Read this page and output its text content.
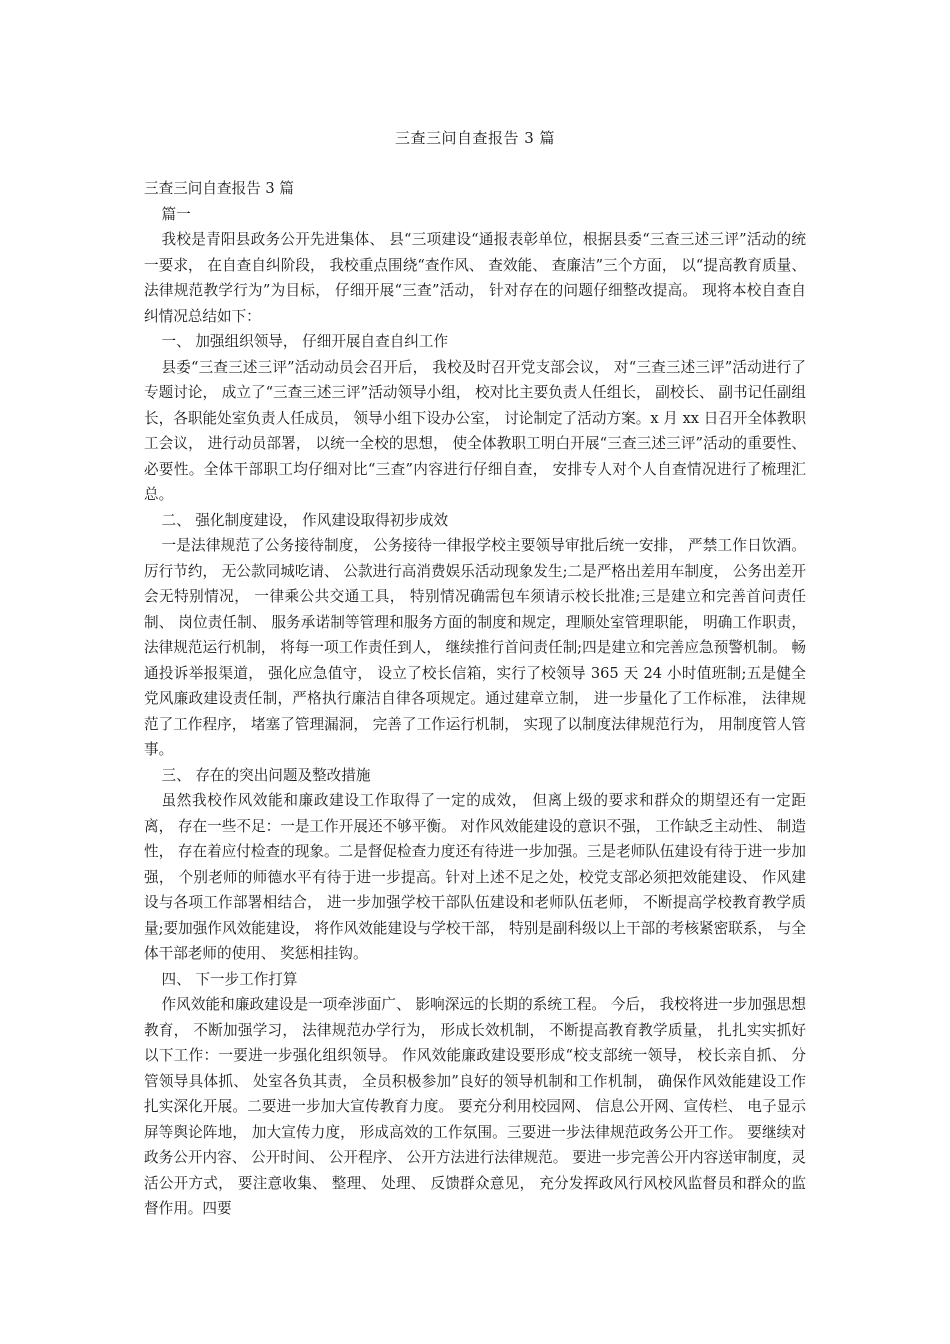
三查三问自查报告 3 篇

三查三问自查报告 3 篇

篇一

我校是青阳县政务公开先进集体、 县“三项建设“通报表彰单位，根据县委“三查三述三评”活动的统一要求， 在自查自纠阶段， 我校重点围绕“查作风、 查效能、 查廉洁”三个方面， 以“提高教育质量、 法律规范教学行为”为目标， 仔细开展“三查”活动， 针对存在的问题仔细整改提高。 现将本校自查自纠情况总结如下：

一、 加强组织领导， 仔细开展自查自纠工作

县委“三查三述三评”活动动员会召开后， 我校及时召开党支部会议， 对“三查三述三评”活动进行了专题讨论， 成立了“三查三述三评”活动领导小组， 校对比主要负责人任组长， 副校长、 副书记任副组长，各职能处室负责人任成员， 领导小组下设办公室， 讨论制定了活动方案。x 月 xx 日召开全体教职工会议， 进行动员部署， 以统一全校的思想， 使全体教职工明白开展“三查三述三评”活动的重要性、 必要性。全体干部职工均仔细对比“三查”内容进行仔细自查， 安排专人对个人自查情况进行了梳理汇总。

二、 强化制度建设， 作风建设取得初步成效

一是法律规范了公务接待制度， 公务接待一律报学校主要领导审批后统一安排， 严禁工作日饮酒。 厉行节约， 无公款同城吃请、 公款进行高消费娱乐活动现象发生;二是严格出差用车制度， 公务出差开会无特别情况， 一律乘公共交通工具， 特别情况确需包车须请示校长批准;三是建立和完善首问责任制、 岗位责任制、 服务承诺制等管理和服务方面的制度和规定，理顺处室管理职能， 明确工作职责， 法律规范运行机制， 将每一项工作责任到人， 继续推行首问责任制;四是建立和完善应急预警机制。 畅通投诉举报渠道， 强化应急值守， 设立了校长信箱，实行了校领导 365 天 24 小时值班制;五是健全党风廉政建设责任制，严格执行廉洁自律各项规定。通过建章立制， 进一步量化了工作标准， 法律规范了工作程序， 堵塞了管理漏洞， 完善了工作运行机制， 实现了以制度法律规范行为， 用制度管人管事。

三、 存在的突出问题及整改措施

虽然我校作风效能和廉政建设工作取得了一定的成效， 但离上级的要求和群众的期望还有一定距离， 存在一些不足：一是工作开展还不够平衡。 对作风效能建设的意识不强， 工作缺乏主动性、 制造性， 存在着应付检查的现象。二是督促检查力度还有待进一步加强。三是老师队伍建设有待于进一步加强， 个别老师的师德水平有待于进一步提高。针对上述不足之处，校党支部必须把效能建设、 作风建设与各项工作部署相结合， 进一步加强学校干部队伍建设和老师队伍老师， 不断提高学校教育教学质量;要加强作风效能建设， 将作风效能建设与学校干部， 特别是副科级以上干部的考核紧密联系， 与全体干部老师的使用、 奖惩相挂钩。

四、 下一步工作打算

作风效能和廉政建设是一项牵涉面广、 影响深远的长期的系统工程。 今后， 我校将进一步加强思想教育， 不断加强学习， 法律规范办学行为， 形成长效机制， 不断提高教育教学质量， 扎扎实实抓好以下工作：一要进一步强化组织领导。 作风效能廉政建设要形成“校支部统一领导， 校长亲自抓、 分管领导具体抓、 处室各负其责， 全员积极参加”良好的领导机制和工作机制， 确保作风效能建设工作扎实深化开展。二要进一步加大宣传教育力度。 要充分利用校园网、 信息公开网、宣传栏、 电子显示屏等舆论阵地， 加大宣传力度， 形成高效的工作氛围。三要进一步法律规范政务公开工作。 要继续对政务公开内容、 公开时间、 公开程序、 公开方法进行法律规范。 要进一步完善公开内容送审制度，灵活公开方式， 要注意收集、 整理、 处理、 反馈群众意见， 充分发挥政风行风校风监督员和群众的监督作用。四要
